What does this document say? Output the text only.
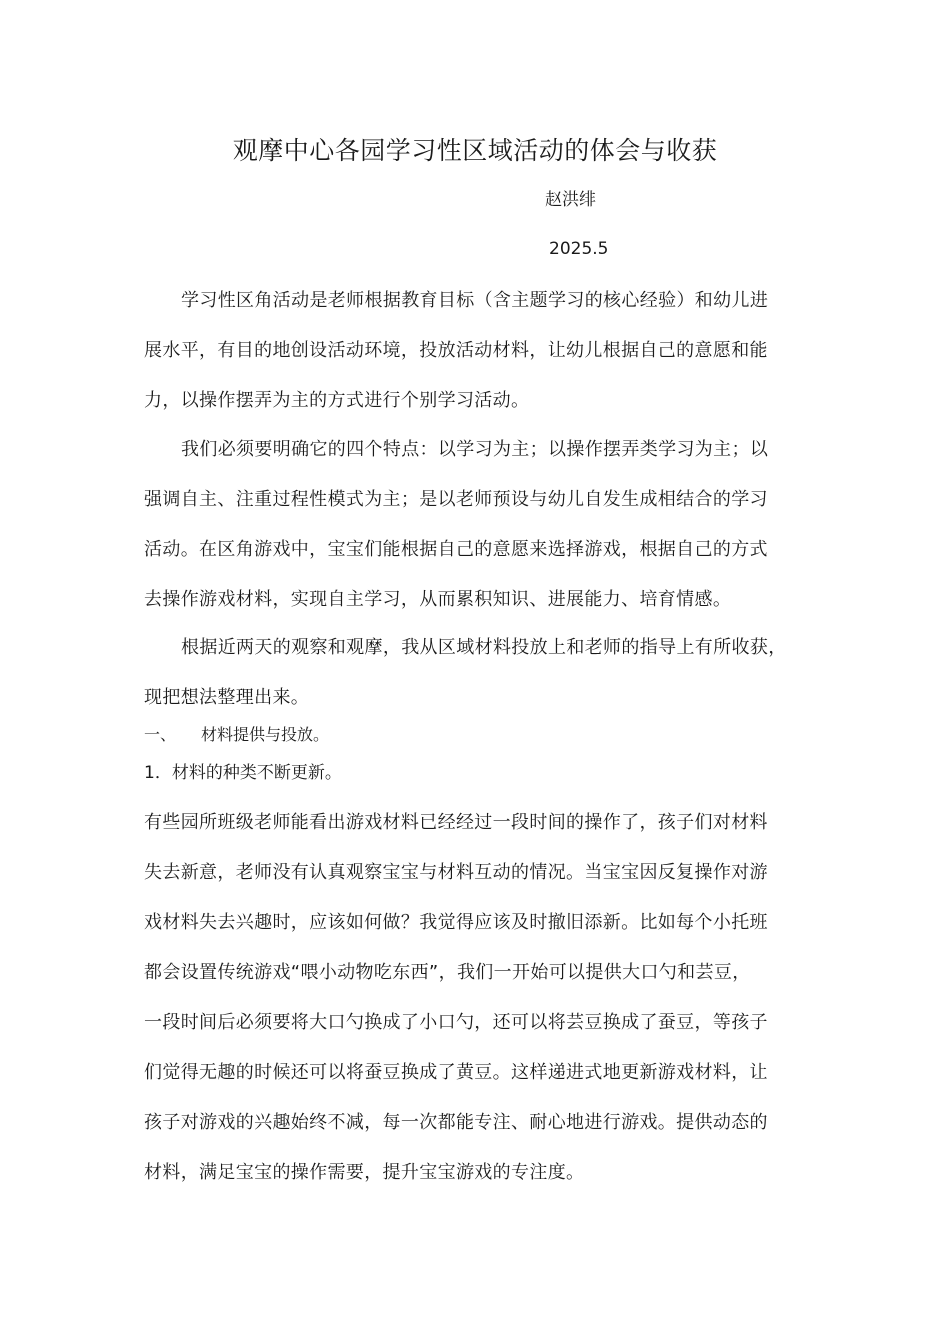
观摩中心各园学习性区域活动的体会与收获
赵洪绯
2025.5
学习性区角活动是老师根据教育目标（含主题学习的核心经验）和幼儿进
展水平，有目的地创设活动环境，投放活动材料，让幼儿根据自己的意愿和能
力，以操作摆弄为主的方式进行个别学习活动。
我们必须要明确它的四个特点：以学习为主；以操作摆弄类学习为主；以
强调自主、注重过程性模式为主；是以老师预设与幼儿自发生成相结合的学习
活动。在区角游戏中，宝宝们能根据自己的意愿来选择游戏，根据自己的方式
去操作游戏材料，实现自主学习，从而累积知识、进展能力、培育情感。
根据近两天的观察和观摩，我从区域材料投放上和老师的指导上有所收获，
现把想法整理出来。
一、 材料提供与投放。
1．材料的种类不断更新。
有些园所班级老师能看出游戏材料已经经过一段时间的操作了，孩子们对材料
失去新意，老师没有认真观察宝宝与材料互动的情况。当宝宝因反复操作对游
戏材料失去兴趣时，应该如何做？我觉得应该及时撤旧添新。比如每个小托班
都会设置传统游戏“喂小动物吃东西”，我们一开始可以提供大口勺和芸豆，
一段时间后必须要将大口勺换成了小口勺，还可以将芸豆换成了蚕豆，等孩子
们觉得无趣的时候还可以将蚕豆换成了黄豆。这样递进式地更新游戏材料，让
孩子对游戏的兴趣始终不减，每一次都能专注、耐心地进行游戏。提供动态的
材料，满足宝宝的操作需要，提升宝宝游戏的专注度。
